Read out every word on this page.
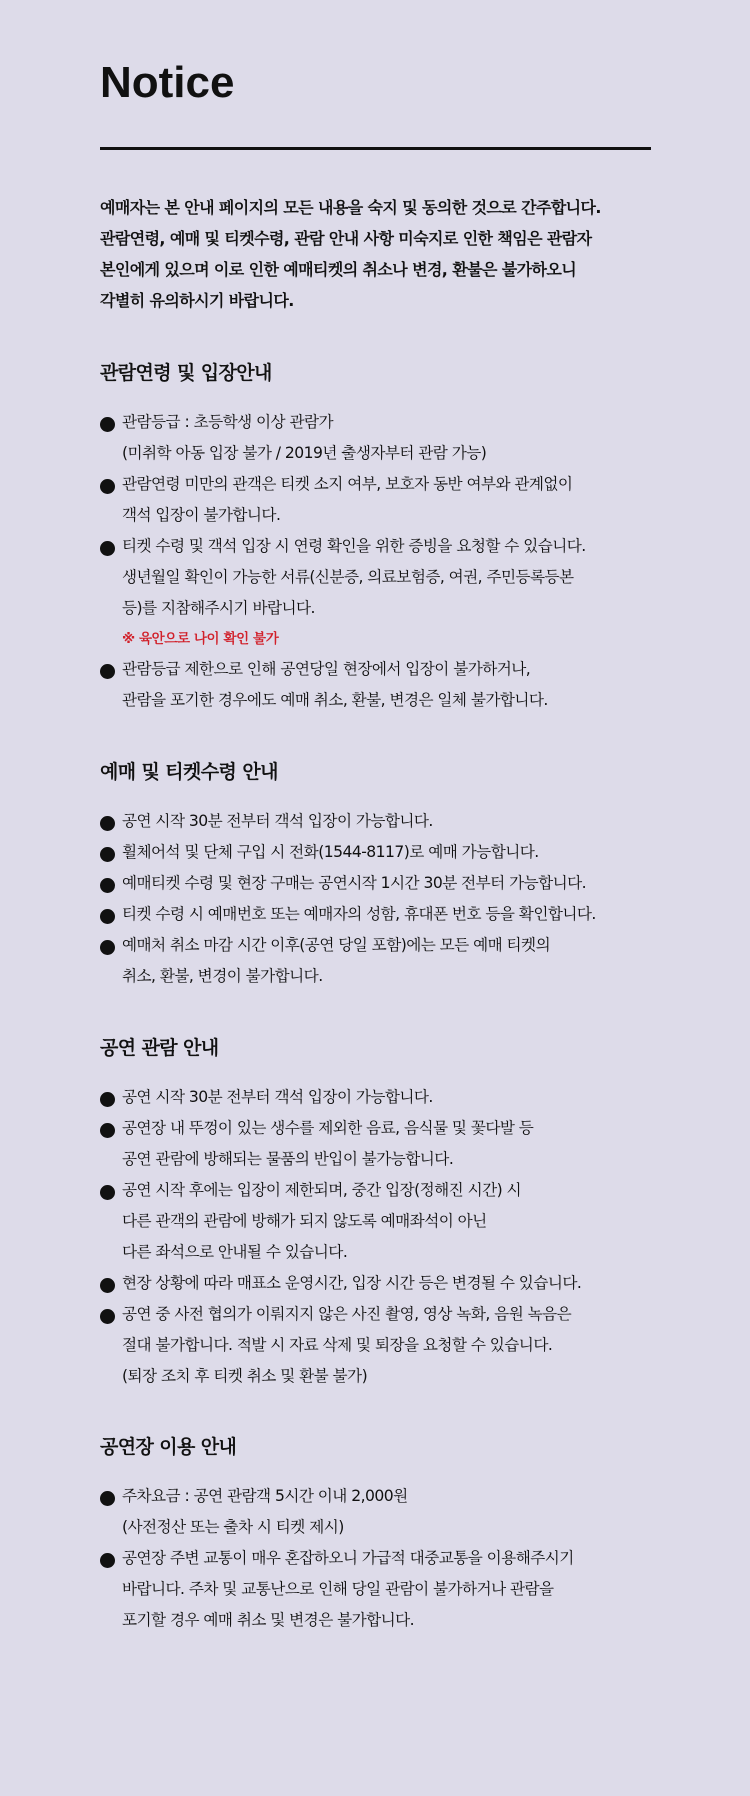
Notice
예매자는 본 안내 페이지의 모든 내용을 숙지 및 동의한 것으로 간주합니다.
관람연령, 예매 및 티켓수령, 관람 안내 사항 미숙지로 인한 책임은 관람자
본인에게 있으며 이로 인한 예매티켓의 취소나 변경, 환불은 불가하오니
각별히 유의하시기 바랍니다.
관람연령 및 입장안내
관람등급 : 초등학생 이상 관람가
(미취학 아동 입장 불가 / 2019년 출생자부터 관람 가능)
관람연령 미만의 관객은 티켓 소지 여부, 보호자 동반 여부와 관계없이
객석 입장이 불가합니다.
티켓 수령 및 객석 입장 시 연령 확인을 위한 증빙을 요청할 수 있습니다.
생년월일 확인이 가능한 서류(신분증, 의료보험증, 여권, 주민등록등본
등)를 지참해주시기 바랍니다.
※ 육안으로 나이 확인 불가
관람등급 제한으로 인해 공연당일 현장에서 입장이 불가하거나,
관람을 포기한 경우에도 예매 취소, 환불, 변경은 일체 불가합니다.
예매 및 티켓수령 안내
공연 시작 30분 전부터 객석 입장이 가능합니다.
휠체어석 및 단체 구입 시 전화(1544-8117)로 예매 가능합니다.
예매티켓 수령 및 현장 구매는 공연시작 1시간 30분 전부터 가능합니다.
티켓 수령 시 예매번호 또는 예매자의 성함, 휴대폰 번호 등을 확인합니다.
예매처 취소 마감 시간 이후(공연 당일 포함)에는 모든 예매 티켓의
취소, 환불, 변경이 불가합니다.
공연 관람 안내
공연 시작 30분 전부터 객석 입장이 가능합니다.
공연장 내 뚜껑이 있는 생수를 제외한 음료, 음식물 및 꽃다발 등
공연 관람에 방해되는 물품의 반입이 불가능합니다.
공연 시작 후에는 입장이 제한되며, 중간 입장(정해진 시간) 시
다른 관객의 관람에 방해가 되지 않도록 예매좌석이 아닌
다른 좌석으로 안내될 수 있습니다.
현장 상황에 따라 매표소 운영시간, 입장 시간 등은 변경될 수 있습니다.
공연 중 사전 협의가 이뤄지지 않은 사진 촬영, 영상 녹화, 음원 녹음은
절대 불가합니다. 적발 시 자료 삭제 및 퇴장을 요청할 수 있습니다.
(퇴장 조치 후 티켓 취소 및 환불 불가)
공연장 이용 안내
주차요금 : 공연 관람객 5시간 이내 2,000원
(사전정산 또는 출차 시 티켓 제시)
공연장 주변 교통이 매우 혼잡하오니 가급적 대중교통을 이용해주시기
바랍니다. 주차 및 교통난으로 인해 당일 관람이 불가하거나 관람을
포기할 경우 예매 취소 및 변경은 불가합니다.
